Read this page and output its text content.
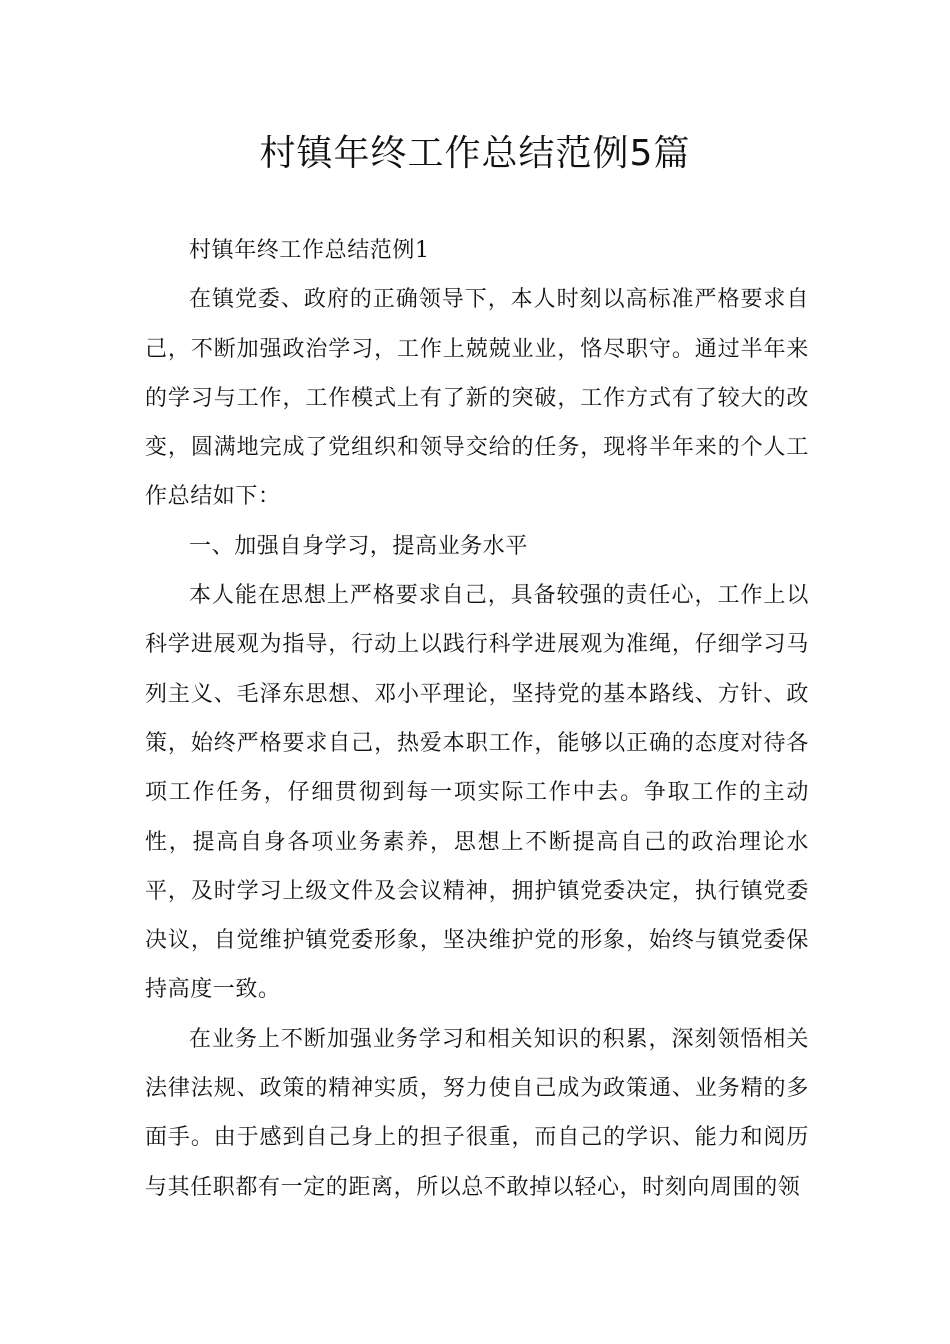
村镇年终工作总结范例5篇

村镇年终工作总结范例1

在镇党委、政府的正确领导下，本人时刻以高标准严格要求自己，不断加强政治学习，工作上兢兢业业，恪尽职守。通过半年来的学习与工作，工作模式上有了新的突破，工作方式有了较大的改变，圆满地完成了党组织和领导交给的任务，现将半年来的个人工作总结如下：

一、加强自身学习，提高业务水平

本人能在思想上严格要求自己，具备较强的责任心，工作上以科学进展观为指导，行动上以践行科学进展观为准绳，仔细学习马列主义、毛泽东思想、邓小平理论，坚持党的基本路线、方针、政策，始终严格要求自己，热爱本职工作，能够以正确的态度对待各项工作任务，仔细贯彻到每一项实际工作中去。争取工作的主动性，提高自身各项业务素养，思想上不断提高自己的政治理论水平，及时学习上级文件及会议精神，拥护镇党委决定，执行镇党委决议，自觉维护镇党委形象，坚决维护党的形象，始终与镇党委保持高度一致。

在业务上不断加强业务学习和相关知识的积累，深刻领悟相关法律法规、政策的精神实质，努力使自己成为政策通、业务精的多面手。由于感到自己身上的担子很重，而自己的学识、能力和阅历与其任职都有一定的距离，所以总不敢掉以轻心，时刻向周围的领
